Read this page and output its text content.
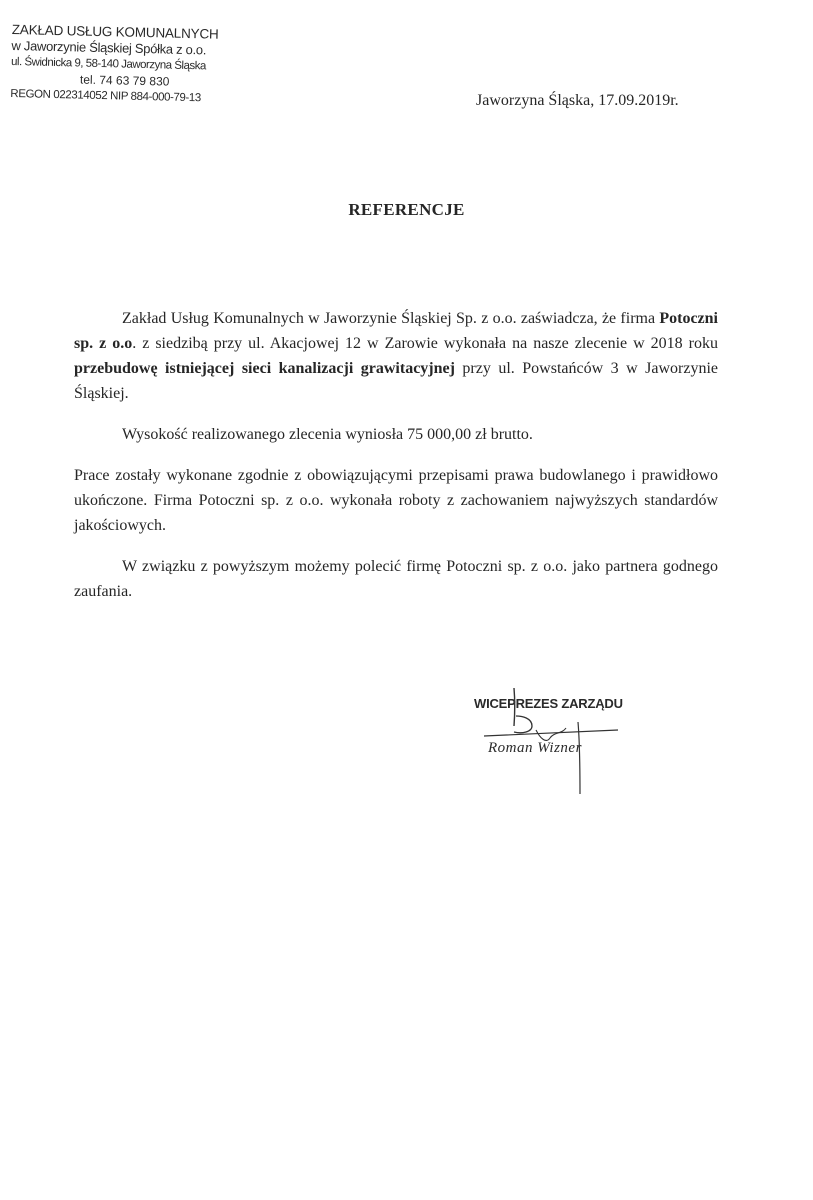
ZAKŁAD USŁUG KOMUNALNYCH
w Jaworzynie Śląskiej Spółka z o.o.
ul. Świdnicka 9, 58-140 Jaworzyna Śląska
tel. 74 63 79 830
REGON 022314052 NIP 884-000-79-13	Jaworzyna Śląska, 17.09.2019r.
REFERENCJE

Zakład Usług Komunalnych w Jaworzynie Śląskiej Sp. z o.o. zaświadcza, że firma Potoczni sp. z o.o. z siedzibą przy ul. Akacjowej 12 w Zarowie wykonała na nasze zlecenie w 2018 roku przebudowę istniejącej sieci kanalizacji grawitacyjnej przy ul. Powstańców 3 w Jaworzynie Śląskiej.

Wysokość realizowanego zlecenia wyniosła 75 000,00 zł brutto.

Prace zostały wykonane zgodnie z obowiązującymi przepisami prawa budowlanego i prawidłowo ukończone. Firma Potoczni sp. z o.o. wykonała roboty z zachowaniem najwyższych standardów jakościowych.

W związku z powyższym możemy polecić firmę Potoczni sp. z o.o. jako partnera godnego zaufania.

WICEPREZES ZARZĄDU
Roman Wizner
